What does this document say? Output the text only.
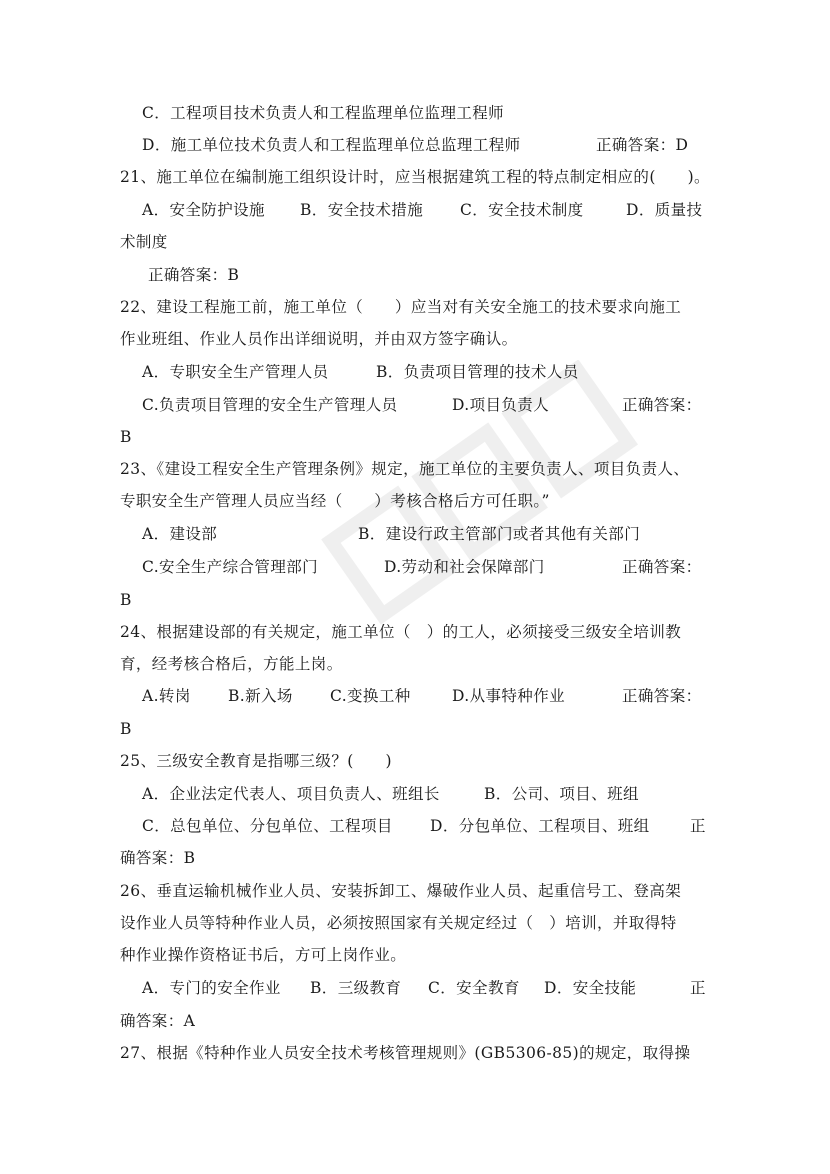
C．工程项目技术负责人和工程监理单位监理工程师
D．施工单位技术负责人和工程监理单位总监理工程师	正确答案：D
21、施工单位在编制施工组织设计时，应当根据建筑工程的特点制定相应的(　　)。
A．安全防护设施 B．安全技术措施 C．安全技术制度	D．质量技
术制度
正确答案：B
22、建设工程施工前，施工单位（　　）应当对有关安全施工的技术要求向施工
作业班组、作业人员作出详细说明，并由双方签字确认。
A．专职安全生产管理人员	B．负责项目管理的技术人员
C.负责项目管理的安全生产管理人员	D.项目负责人	正确答案：
B
23、《建设工程安全生产管理条例》规定，施工单位的主要负责人、项目负责人、
专职安全生产管理人员应当经（　　）考核合格后方可任职。”
A．建设部	B．建设行政主管部门或者其他有关部门
C.安全生产综合管理部门	D.劳动和社会保障部门	正确答案：
B
24、根据建设部的有关规定，施工单位（　）的工人，必须接受三级安全培训教
育，经考核合格后，方能上岗。
A.转岗 B.新入场 C.变换工种	D.从事特种作业	正确答案：
B
25、三级安全教育是指哪三级？(　　)
A．企业法定代表人、项目负责人、班组长	B．公司、项目、班组
C．总包单位、分包单位、工程项目 D．分包单位、工程项目、班组	正
确答案：B
26、垂直运输机械作业人员、安装拆卸工、爆破作业人员、起重信号工、登高架
设作业人员等特种作业人员，必须按照国家有关规定经过（　）培训，并取得特
种作业操作资格证书后，方可上岗作业。
A．专门的安全作业 B．三级教育 C．安全教育 D．安全技能	正
确答案：A
27、根据《特种作业人员安全技术考核管理规则》(GB5306-85)的规定，取得操
